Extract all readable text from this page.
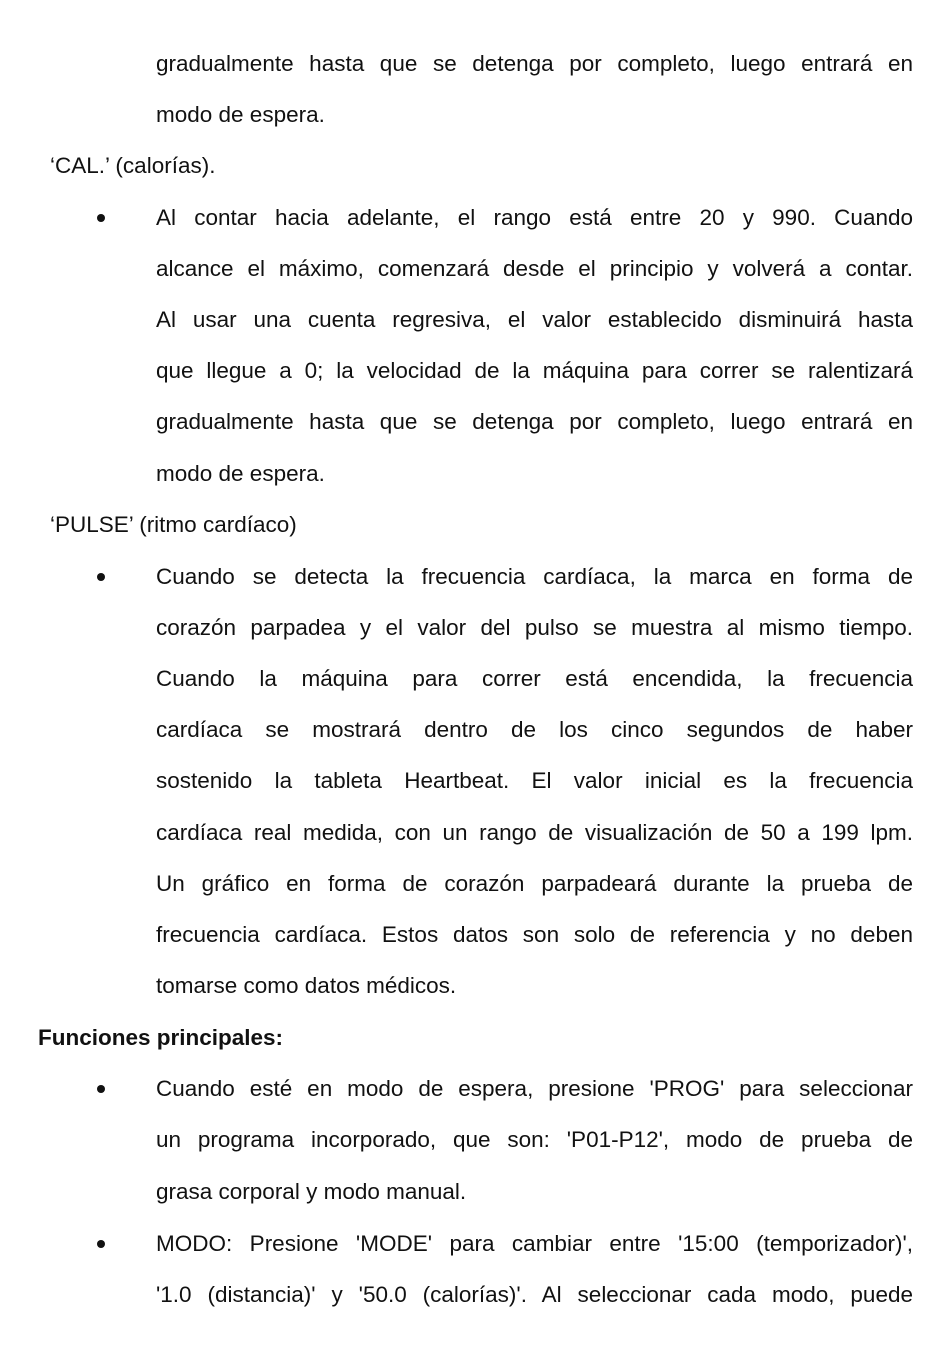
gradualmente hasta que se detenga por completo, luego entrará en
modo de espera.
‘CAL.’ (calorías).
Al contar hacia adelante, el rango está entre 20 y 990. Cuando
alcance el máximo, comenzará desde el principio y volverá a contar.
Al usar una cuenta regresiva, el valor establecido disminuirá hasta
que llegue a 0; la velocidad de la máquina para correr se ralentizará
gradualmente hasta que se detenga por completo, luego entrará en
modo de espera.
‘PULSE’ (ritmo cardíaco)
Cuando se detecta la frecuencia cardíaca, la marca en forma de
corazón parpadea y el valor del pulso se muestra al mismo tiempo.
Cuando la máquina para correr está encendida, la frecuencia
cardíaca se mostrará dentro de los cinco segundos de haber
sostenido la tableta Heartbeat. El valor inicial es la frecuencia
cardíaca real medida, con un rango de visualización de 50 a 199 lpm.
Un gráfico en forma de corazón parpadeará durante la prueba de
frecuencia cardíaca. Estos datos son solo de referencia y no deben
tomarse como datos médicos.
Funciones principales:
Cuando esté en modo de espera, presione 'PROG' para seleccionar
un programa incorporado, que son: 'P01-P12', modo de prueba de
grasa corporal y modo manual.
MODO: Presione 'MODE' para cambiar entre '15:00 (temporizador)',
'1.0 (distancia)' y '50.0 (calorías)'. Al seleccionar cada modo, puede
